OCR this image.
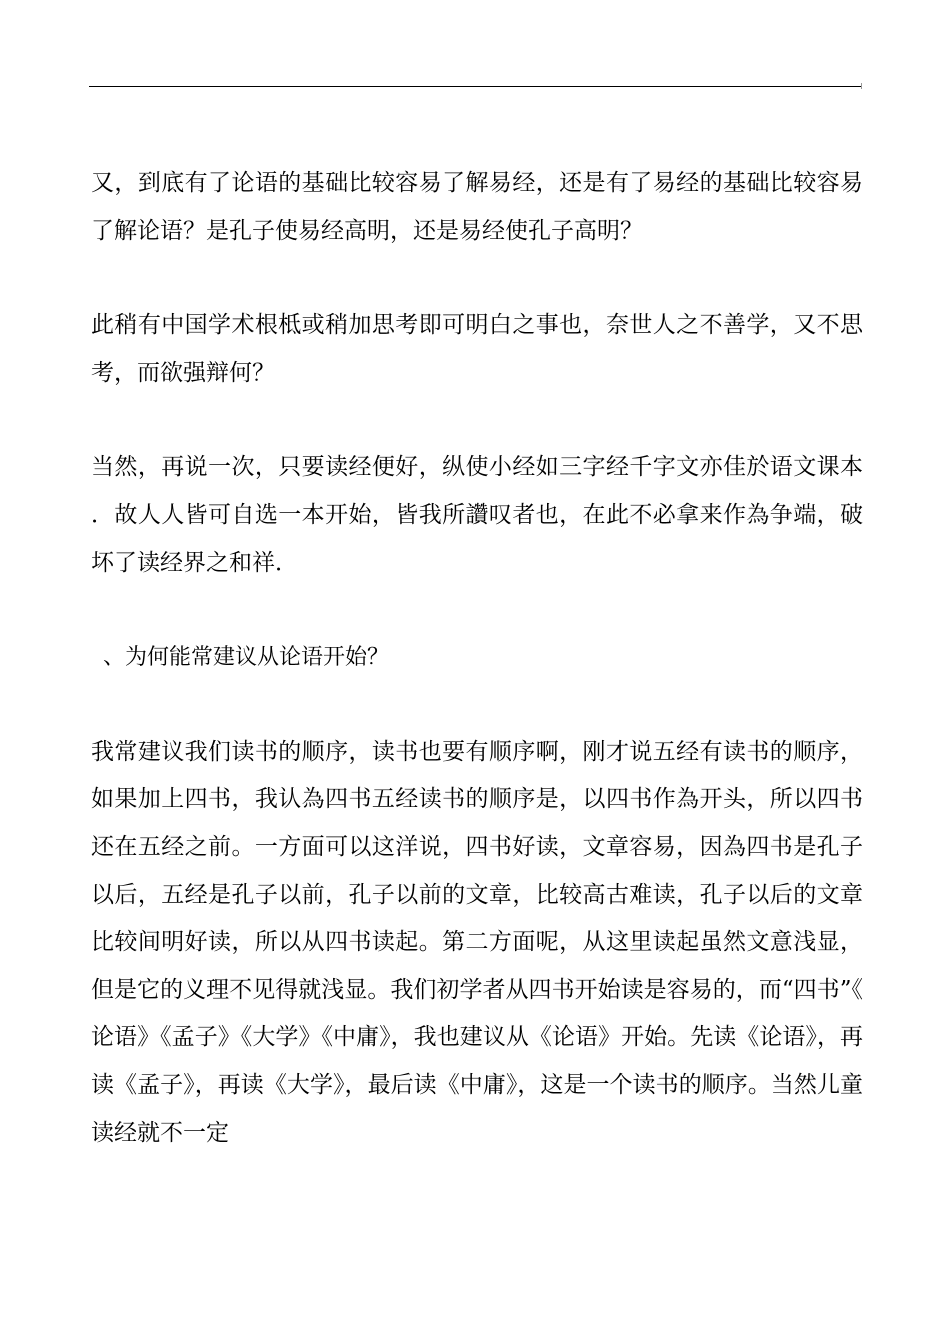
又，到底有了论语的基础比较容易了解易经，还是有了易经的基础比较容易了解论语？是孔子使易经高明，还是易经使孔子高明？

此稍有中国学术根柢或稍加思考即可明白之事也，奈世人之不善学，又不思考，而欲强辩何？

当然，再说一次，只要读经便好，纵使小经如三字经千字文亦佳於语文课本．故人人皆可自选一本开始，皆我所讚叹者也，在此不必拿来作為争端，破坏了读经界之和祥．

、为何能常建议从论语开始？

我常建议我们读书的顺序，读书也要有顺序啊，刚才说五经有读书的顺序，如果加上四书，我认為四书五经读书的顺序是，以四书作為开头，所以四书还在五经之前。一方面可以这洋说，四书好读，文章容易，因為四书是孔子以后，五经是孔子以前，孔子以前的文章，比较高古难读，孔子以后的文章比较间明好读，所以从四书读起。第二方面呢，从这里读起虽然文意浅显，但是它的义理不见得就浅显。我们初学者从四书开始读是容易的，而“四书”《论语》《孟子》《大学》《中庸》，我也建议从《论语》开始。先读《论语》，再读《孟子》，再读《大学》，最后读《中庸》，这是一个读书的顺序。当然儿童读经就不一定
